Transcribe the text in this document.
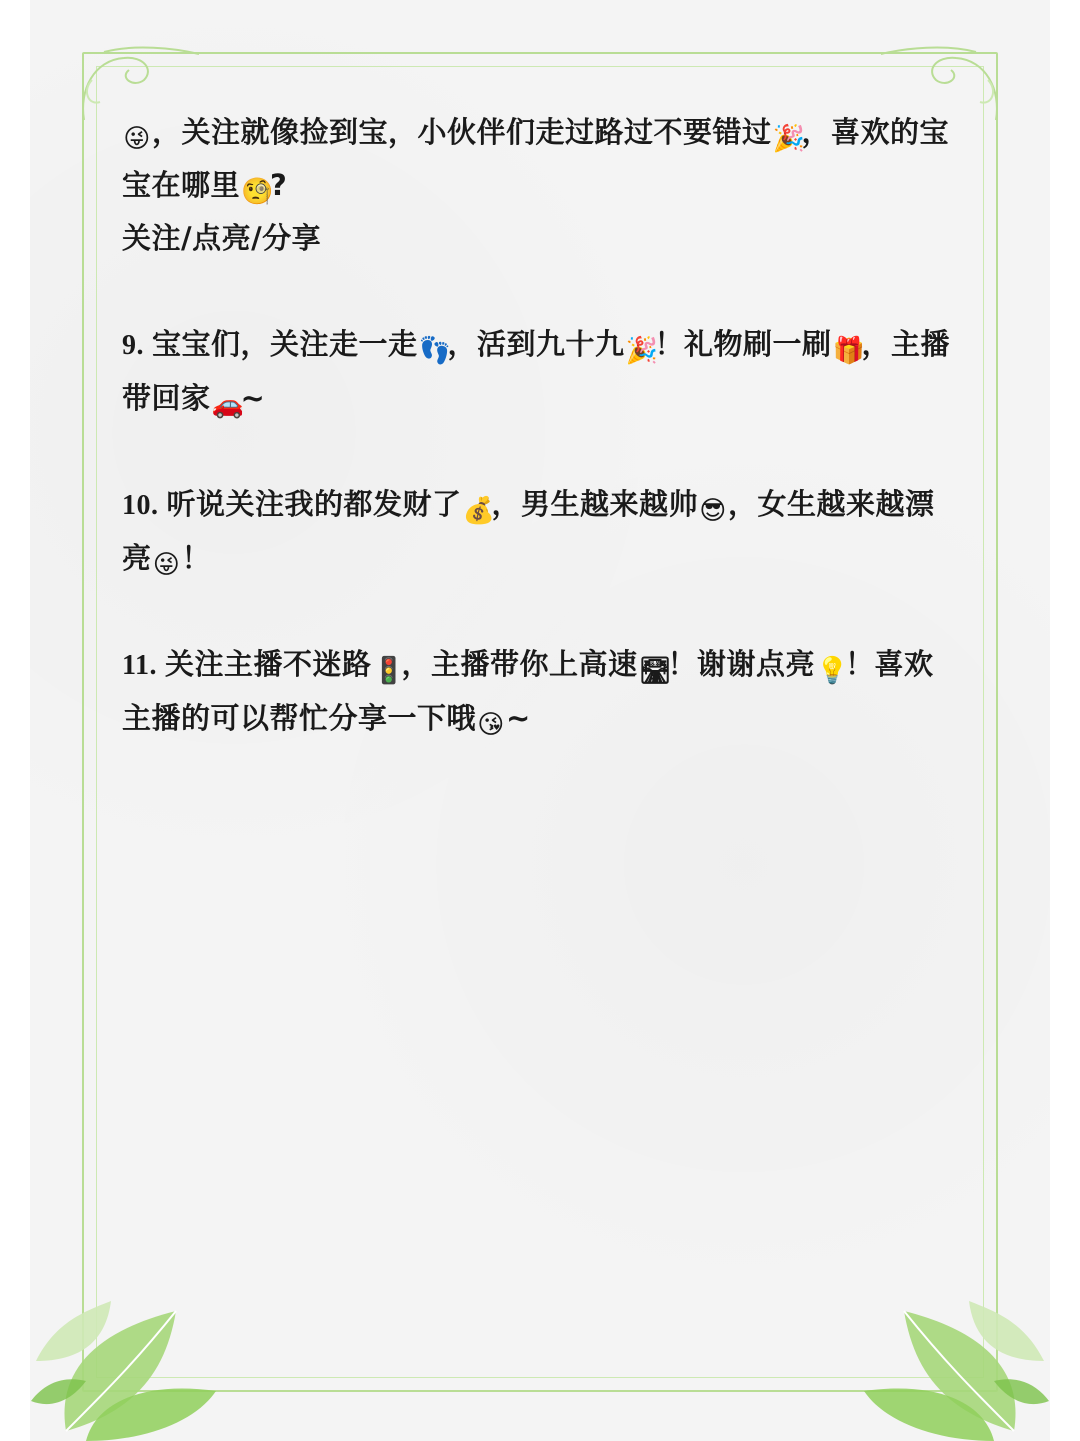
😜，关注就像捡到宝，小伙伴们走过路过不要错过🎉，喜欢的宝宝在哪里🧐?

关注/点亮/分享

9. 宝宝们，关注走一走👣，活到九十九🎉！礼物刷一刷🎁，主播带回家🚗~

10. 听说关注我的都发财了💰，男生越来越帅😎，女生越来越漂亮😜！

11. 关注主播不迷路🚦，主播带你上高速🛣！谢谢点亮💡！喜欢主播的可以帮忙分享一下哦😘~
